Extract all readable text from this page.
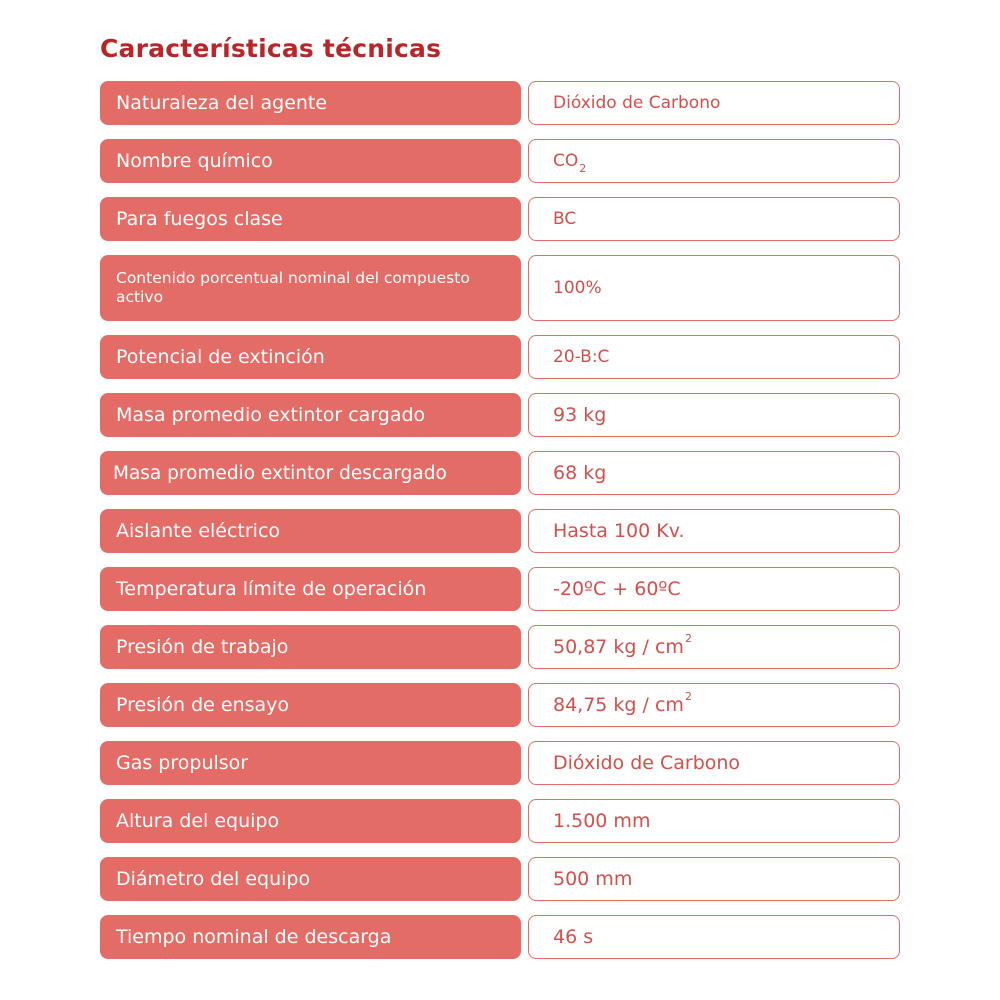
Características técnicas
Naturaleza del agente	Dióxido de Carbono
Nombre químico	CO 2
Para fuegos clase	BC
Contenido porcentual nominal del compuesto activo	100%
Potencial de extinción	20-B:C
Masa promedio extintor cargado	93 kg
Masa promedio extintor descargado	68 kg
Aislante eléctrico	Hasta 100 Kv.
Temperatura límite de operación	-20ºC + 60ºC
Presión de trabajo	50,87 kg / cm 2
Presión de ensayo	84,75 kg / cm 2
Gas propulsor	Dióxido de Carbono
Altura del equipo	1.500 mm
Diámetro del equipo	500 mm
Tiempo nominal de descarga	46 s
